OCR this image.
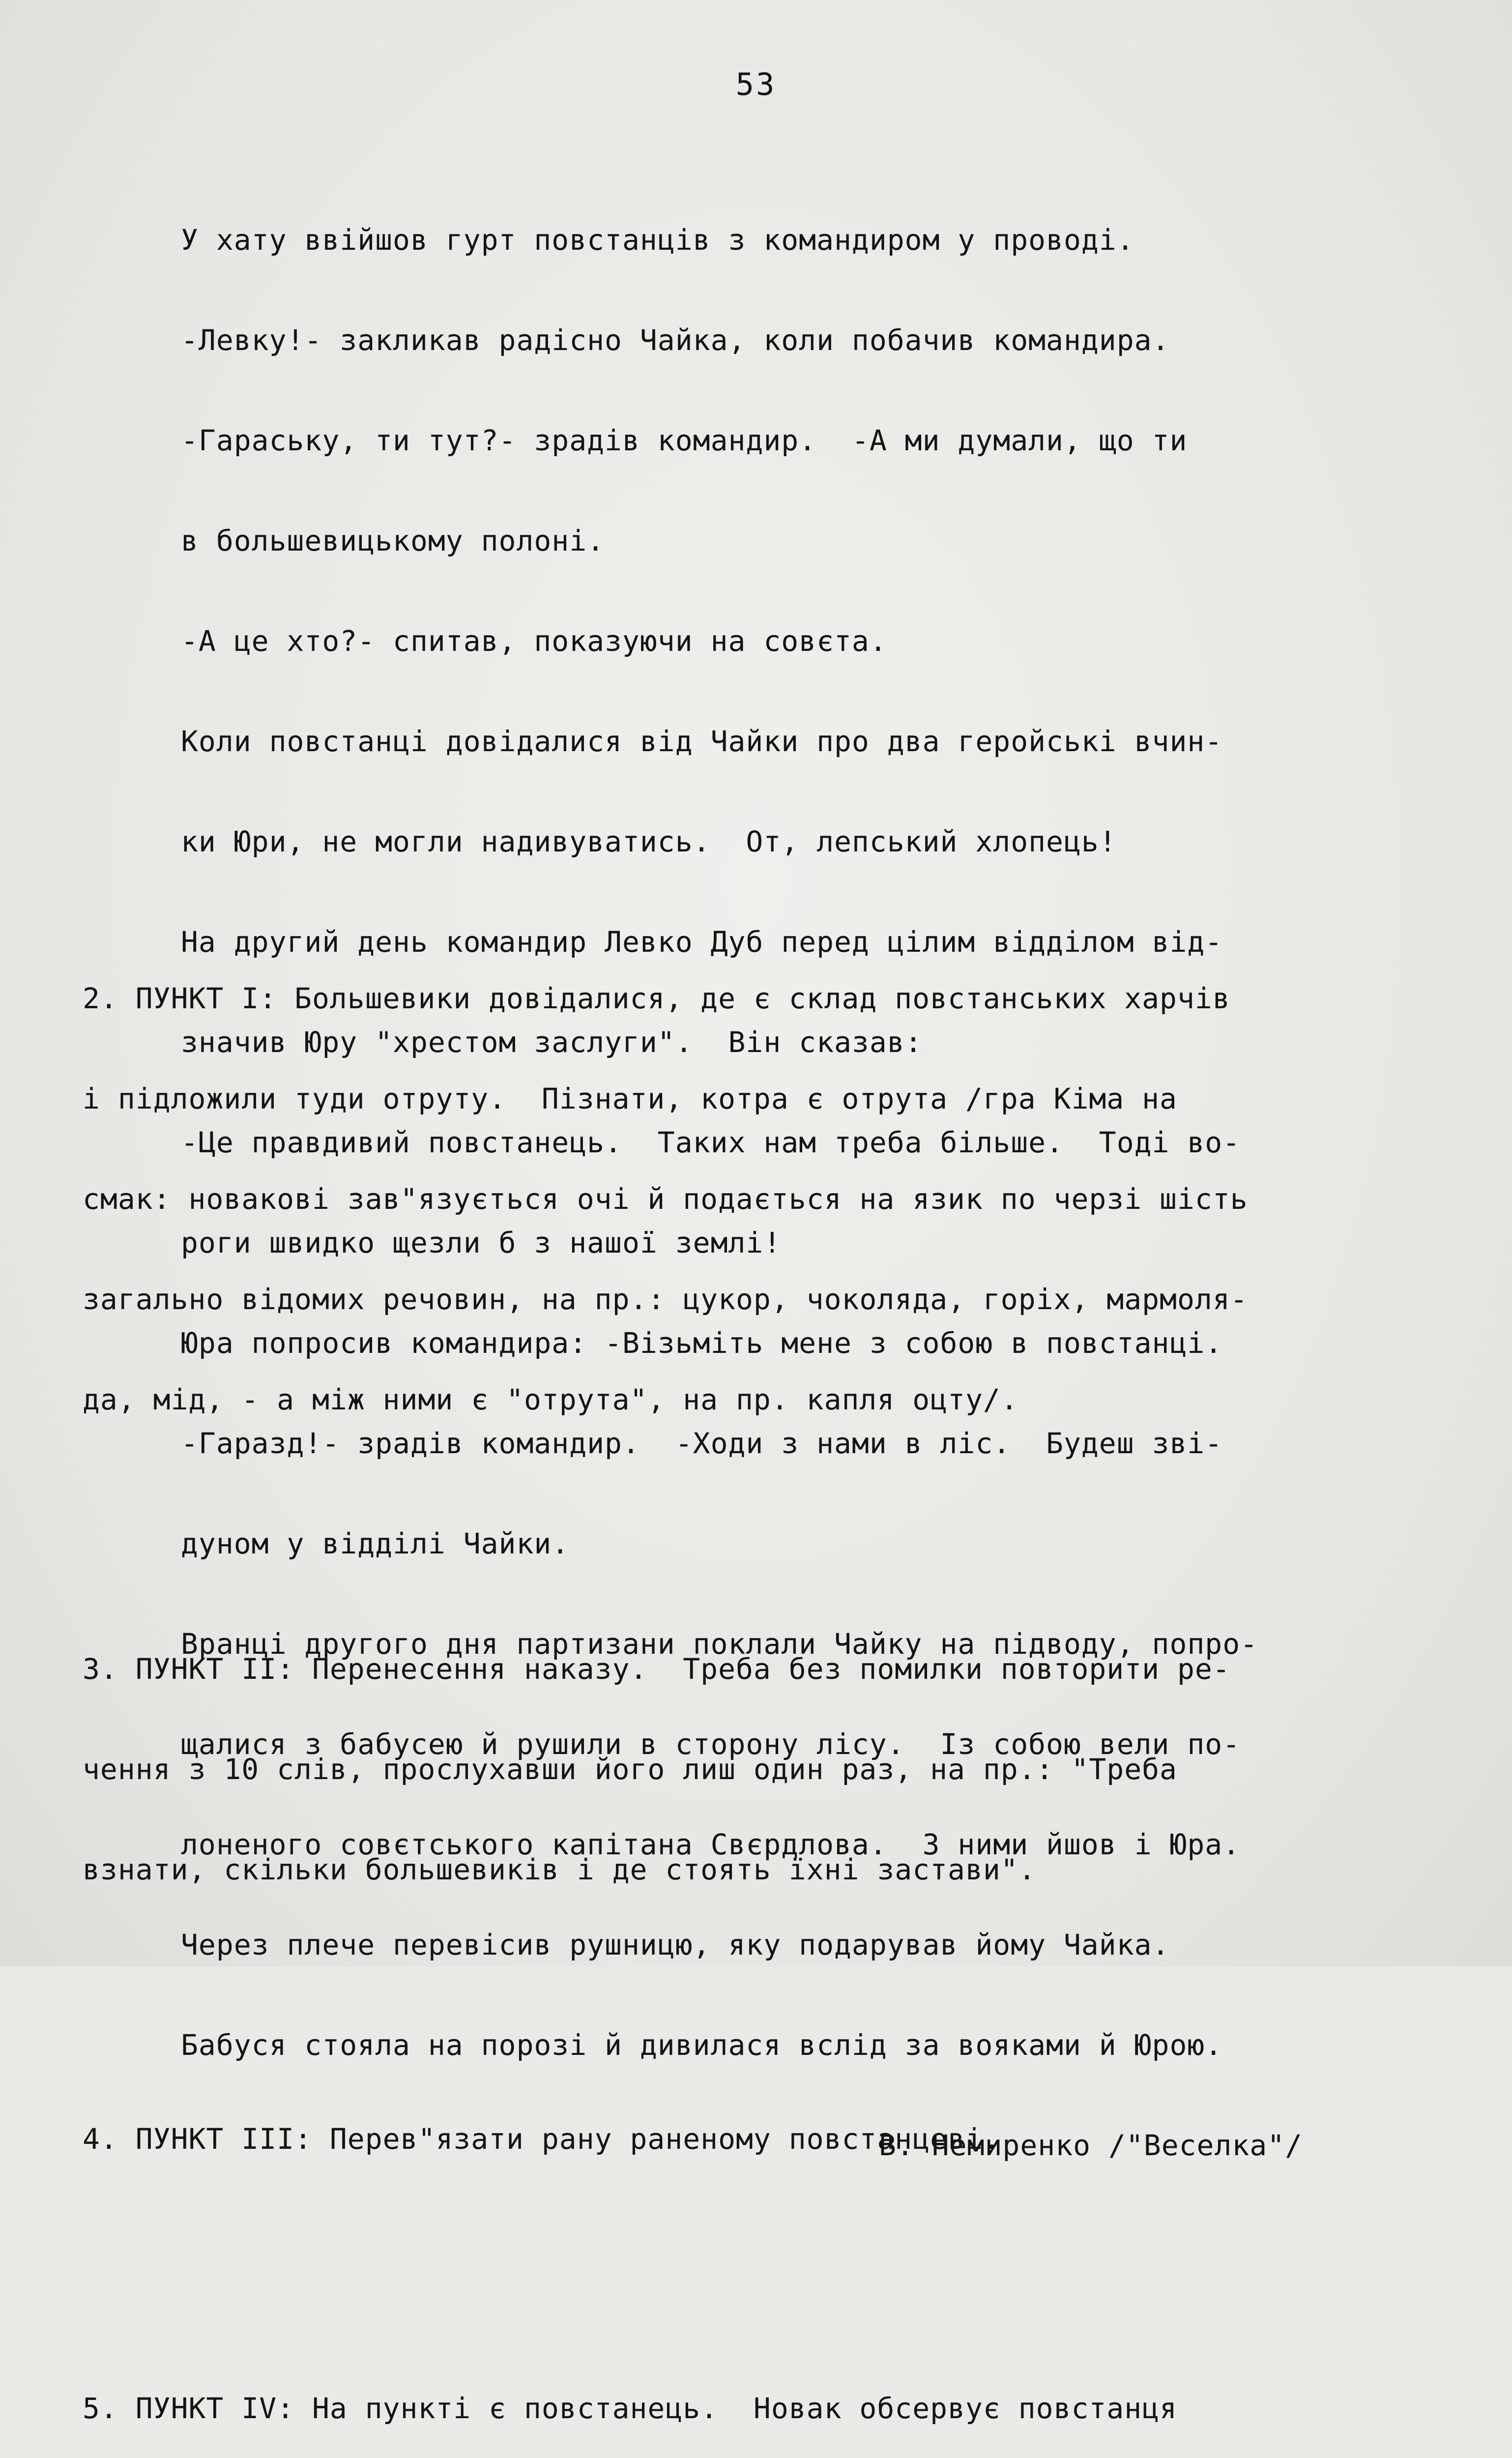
53

У хату ввійшов гурт повстанців з командиром у проводі.

-Левку!- закликав радісно Чайка, коли побачив командира.

-Гараську, ти тут?- зрадів командир.  -А ми думали, що ти

в большевицькому полоні.

-А це хто?- спитав, показуючи на совєта.

Коли повстанці довідалися від Чайки про два геройські вчин-

ки Юри, не могли надивуватись.  От, лепський хлопець!

На другий день командир Левко Дуб перед цілим відділом від-

значив Юру "хрестом заслуги".  Він сказав:

-Це правдивий повстанець.  Таких нам треба більше.  Тоді во-

роги швидко щезли б з нашої землі!

Юра попросив командира: -Візьміть мене з собою в повстанці.

-Гаразд!- зрадів командир.  -Ходи з нами в ліс.  Будеш зві-

дуном у відділі Чайки.

Вранці другого дня партизани поклали Чайку на підводу, попро-

щалися з бабусею й рушили в сторону лісу.  Із собою вели по-

лоненого совєтського капітана Свєрдлова.  З ними йшов і Юра.

Через плече перевісив рушницю, яку подарував йому Чайка.

Бабуся стояла на порозі й дивилася вслід за вояками й Юрою.

В. Немиренко /"Веселка"/

2. ПУНКТ I: Большевики довідалися, де є склад повстанських харчів

і підложили туди отруту.  Пізнати, котра є отрута /гра Кіма на

смак: новакові зав"язується очі й подається на язик по черзі шість

загально відомих речовин, на пр.: цукор, чоколяда, горіх, мармоля-

да, мід, - а між ними є "отрута", на пр. капля оцту/.

3. ПУНКТ II: Перенесення наказу.  Треба без помилки повторити ре-

чення з 10 слів, прослухавши його лиш один раз, на пр.: "Треба

взнати, скільки большевиків і де стоять їхні застави".

4. ПУНКТ III: Перев"язати рану раненому повстанцеві.

5. ПУНКТ IV: На пункті є повстанець.  Новак обсервує повстанця
